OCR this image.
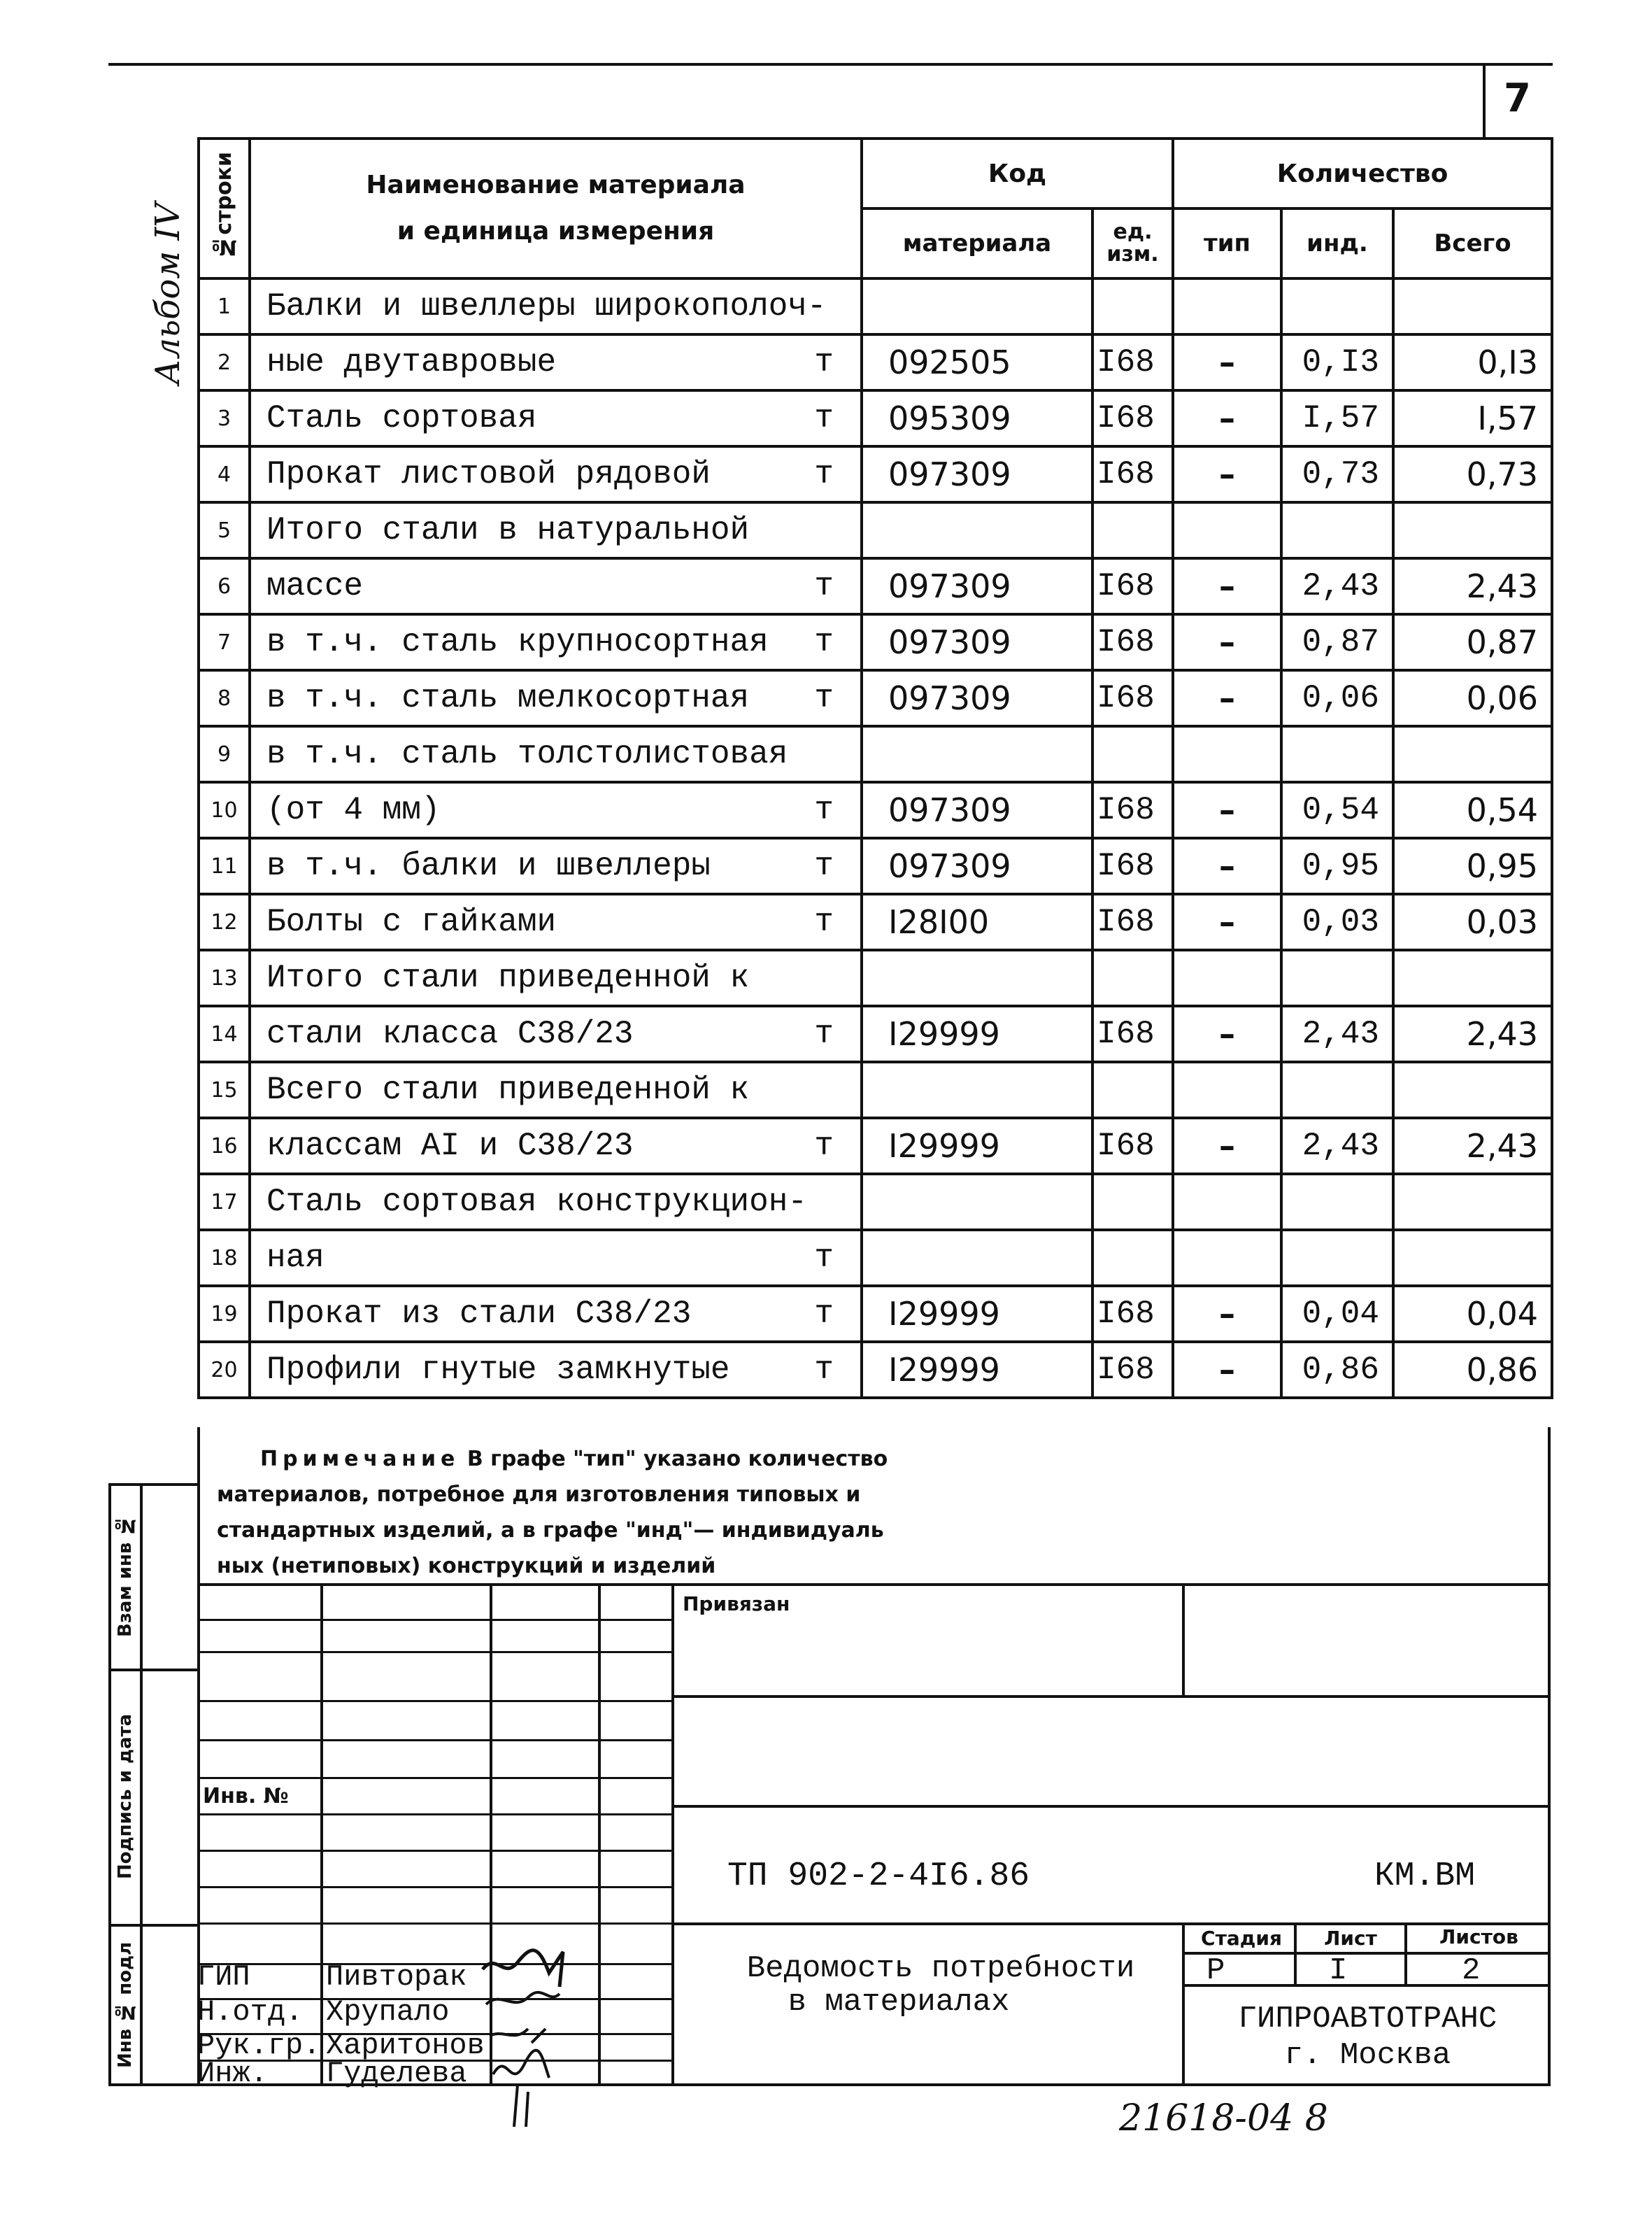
7
Альбом IV №строки	Наименование материала
и единица измерения	Код		Количество		
		материала	ед. изм.	тип	инд.	Всего
1	Балки и швеллеры широкополоч-

2	ные двутавровые т	092505	I68	–	0,I3	0,I3
3	Сталь сортовая т	095309	I68	–	I,57	I,57
4	Прокат листовой рядовой т	097309	I68	–	0,73	0,73
5	Итого стали в натуральной

6	массе т	097309	I68	–	2,43	2,43
7	в т.ч. сталь крупносортная т	097309	I68	–	0,87	0,87
8	в т.ч. сталь мелкосортная т	097309	I68	–	0,06	0,06
9	в т.ч. сталь толстолистовая

10	(от 4 мм) т	097309	I68	–	0,54	0,54
11	в т.ч. балки и швеллеры т	097309	I68	–	0,95	0,95
12	Болты с гайками т	I28I00	I68	–	0,03	0,03
13	Итого стали приведенной к

14	стали класса С38/23 т	I29999	I68	–	2,43	2,43
15	Всего стали приведенной к

16	классам АI и С38/23 т	I29999	I68	–	2,43	2,43
17	Сталь сортовая конструкцион-

18	ная т					

19	Прокат из стали С38/23 т	I29999	I68	–	0,04	0,04
20	Профили гнутые замкнутые т	I29999	I68	–	0,86	0,86
Взам инв №
Подпись и дата
Инв № подл
Примечание В графе "тип" указано количество
материалов, потребное для изготовления типовых и
стандартных изделий, а в графе "инд"— индивидуаль
ных (нетиповых) конструкций и изделий
Привязан
Инв. №
ТП 902-2-4I6.86	КМ.ВМ
Ведомость потребности
в материалах
Стадия	Лист	Листов
Р	I	2
ГИПРОАВТОТРАНС
г. Москва
ГИП	Пивторак
Н.отд. Хрупало
Рук.гр. Харитонов
Инж. Гуделева
21618-04 8
